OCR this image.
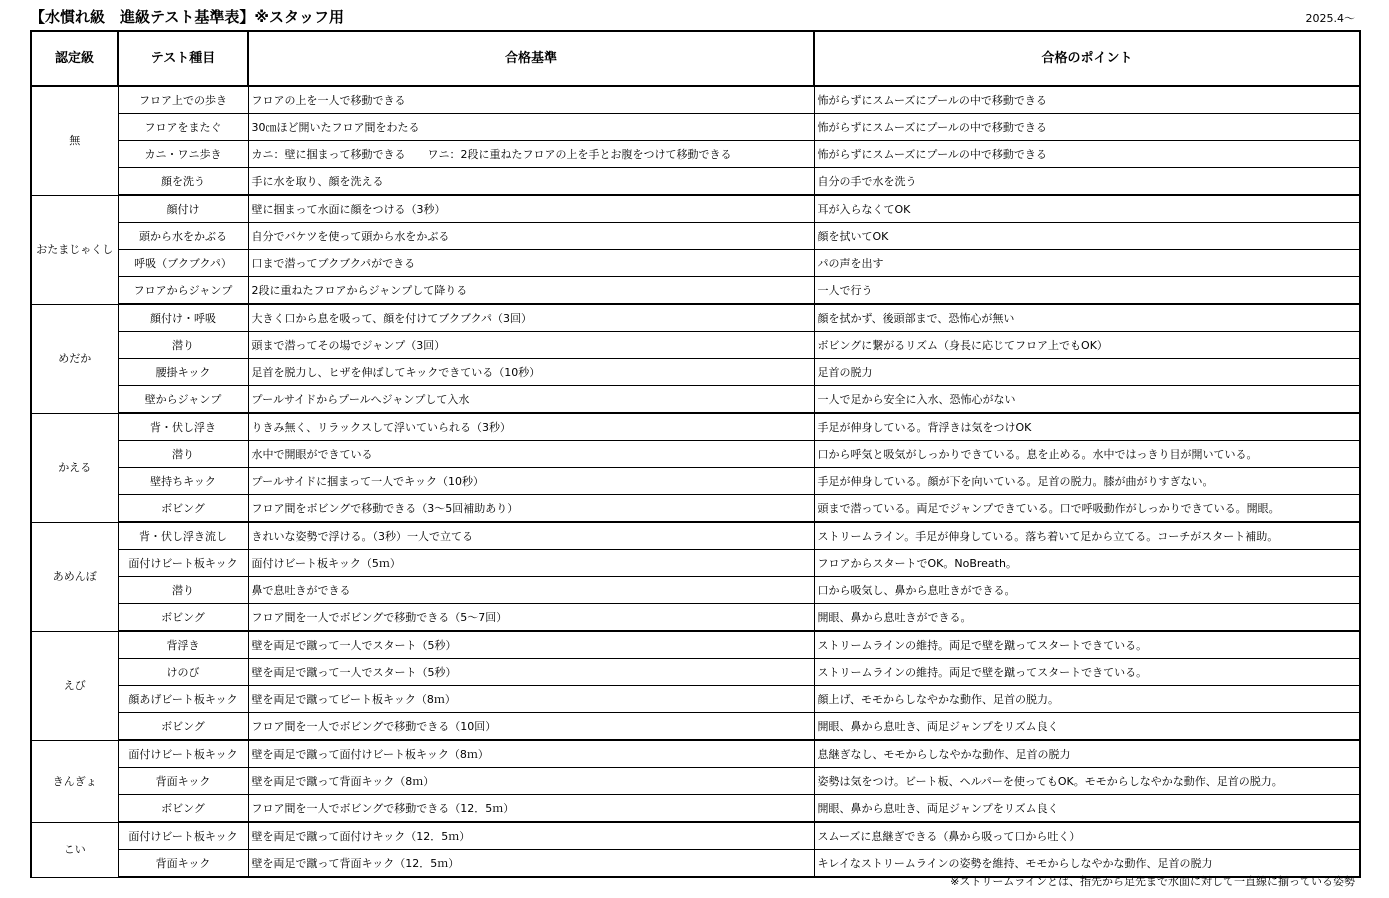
【水慣れ級　進級テスト基準表】※スタッフ用	2025.4～
認定級	テスト種目	合格基準	合格のポイント
無	フロア上での歩き	フロアの上を一人で移動できる	怖がらずにスムーズにプールの中で移動できる
	フロアをまたぐ	30㎝ほど開いたフロア間をわたる	怖がらずにスムーズにプールの中で移動できる
	カニ・ワニ歩き	カニ：壁に掴まって移動できる　　ワニ：2段に重ねたフロアの上を手とお腹をつけて移動できる	怖がらずにスムーズにプールの中で移動できる
	顔を洗う	手に水を取り、顔を洗える	自分の手で水を洗う
おたまじゃくし	顔付け	壁に掴まって水面に顔をつける（3秒）	耳が入らなくてOK
	頭から水をかぶる	自分でバケツを使って頭から水をかぶる	顔を拭いてOK
	呼吸（ブクブクパ）	口まで潜ってブクブクパができる	パの声を出す
	フロアからジャンプ	2段に重ねたフロアからジャンプして降りる	一人で行う
めだか	顔付け・呼吸	大きく口から息を吸って、顔を付けてブクブクパ（3回）	顔を拭かず、後頭部まで、恐怖心が無い
	潜り	頭まで潜ってその場でジャンプ（3回）	ボビングに繋がるリズム（身長に応じてフロア上でもOK）
	腰掛キック	足首を脱力し、ヒザを伸ばしてキックできている（10秒）	足首の脱力
	壁からジャンプ	プールサイドからプールへジャンプして入水	一人で足から安全に入水、恐怖心がない
かえる	背・伏し浮き	りきみ無く、リラックスして浮いていられる（3秒）	手足が伸身している。背浮きは気をつけOK
	潜り	水中で開眼ができている	口から呼気と吸気がしっかりできている。息を止める。水中ではっきり目が開いている。
	壁持ちキック	プールサイドに掴まって一人でキック（10秒）	手足が伸身している。顔が下を向いている。足首の脱力。膝が曲がりすぎない。
	ボビング	フロア間をボビングで移動できる（3～5回補助あり）	頭まで潜っている。両足でジャンプできている。口で呼吸動作がしっかりできている。開眼。
あめんぼ	背・伏し浮き流し	きれいな姿勢で浮ける。（3秒）一人で立てる	ストリームライン。手足が伸身している。落ち着いて足から立てる。コーチがスタート補助。
	面付けビート板キック	面付けビート板キック（5ｍ）	フロアからスタートでOK。NoBreath。
	潜り	鼻で息吐きができる	口から吸気し、鼻から息吐きができる。
	ボビング	フロア間を一人でボビングで移動できる（5～7回）	開眼、鼻から息吐きができる。
えび	背浮き	壁を両足で蹴って一人でスタート（5秒）	ストリームラインの維持。両足で壁を蹴ってスタートできている。
	けのび	壁を両足で蹴って一人でスタート（5秒）	ストリームラインの維持。両足で壁を蹴ってスタートできている。
	顔あげビート板キック	壁を両足で蹴ってビート板キック（8ｍ）	顔上げ、モモからしなやかな動作、足首の脱力。
	ボビング	フロア間を一人でボビングで移動できる（10回）	開眼、鼻から息吐き、両足ジャンプをリズム良く
きんぎょ	面付けビート板キック	壁を両足で蹴って面付けビート板キック（8ｍ）	息継ぎなし、モモからしなやかな動作、足首の脱力
	背面キック	壁を両足で蹴って背面キック（8ｍ）	姿勢は気をつけ。ビート板、ヘルパーを使ってもOK。モモからしなやかな動作、足首の脱力。
	ボビング	フロア間を一人でボビングで移動できる（12．5ｍ）	開眼、鼻から息吐き、両足ジャンプをリズム良く
こい	面付けビート板キック	壁を両足で蹴って面付けキック（12．5ｍ）	スムーズに息継ぎできる（鼻から吸って口から吐く）
	背面キック	壁を両足で蹴って背面キック（12．5ｍ）	キレイなストリームラインの姿勢を維持、モモからしなやかな動作、足首の脱力
※ストリームラインとは、指先から足先まで水面に対して一直線に揃っている姿勢
